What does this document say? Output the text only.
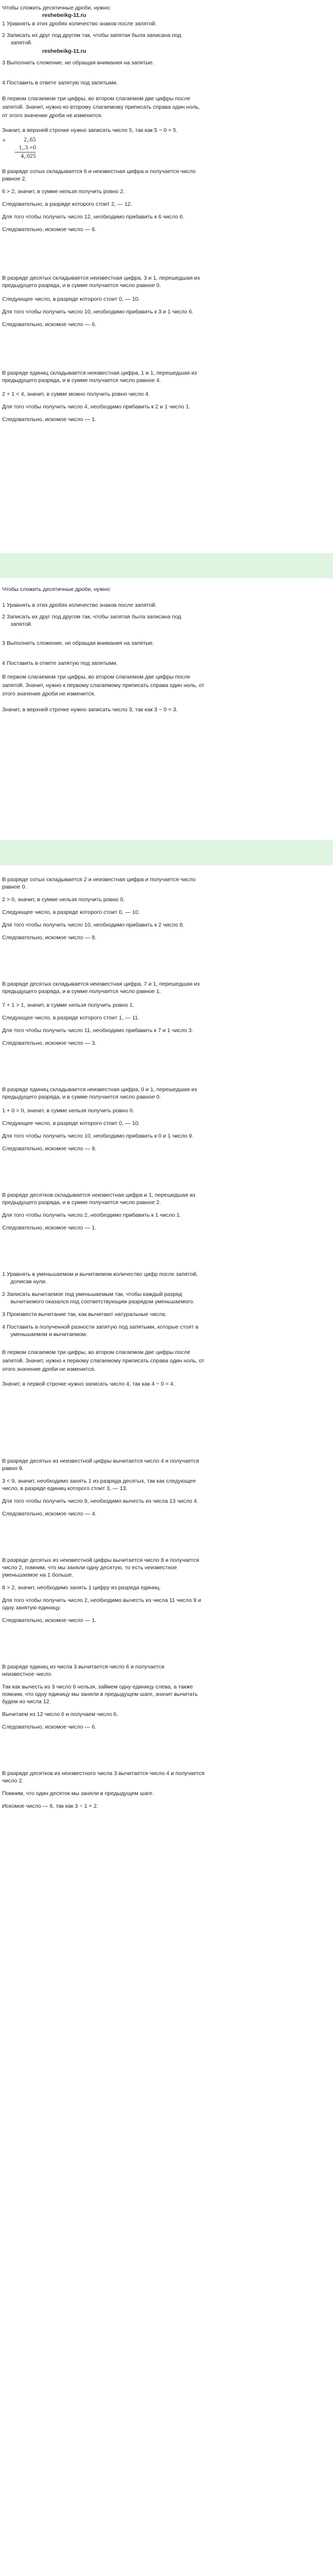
Чтобы сложить десятичные дроби, нужно:
reshebeikg-11.ru
1 Уравнять в этих дробях количество знаков после запятой.
2 Записать их друг под другом так, чтобы запятая была записана под
запятой.
reshebeikg-11.ru
3 Выполнить сложение, не обращая внимания на запятые.
4 Поставить в ответе запятую под запятыми.
В первом слагаемом три цифры, во втором слагаемом две цифры после
запятой. Значит, нужно ко второму слагаемому приписать справа один ноль,
от этого значение дроби не изменится.
Значит, в верхней строчке нужно записать число 5, так как 5 − 0 = 5.
+	2,.65
1,.3.+0
4,.025
В разряде сотых складывается 6 и неизвестная цифра и получается число
равное 2.
6 > 2, значит, в сумме нельзя получить ровно 2.
Следовательно, в разряде которого стоит 2, — 12.
Для того чтобы получить число 12, необходимо прибавить к 6 число 6.
Следовательно, искомое число — 6.
В разряде десятых складывается неизвестная цифра, 3 и 1, перешедшая из
предыдущего разряда, и в сумме получается число равное 0.
Следующее число, в разряде которого стоит 0, — 10.
Для того чтобы получить число 10, необходимо прибавить к 3 и 1 число 6.
Следовательно, искомое число — 6.
В разряде единиц складывается неизвестная цифра, 1 и 1, перешедшая из
предыдущего разряда, и в сумме получается число равное 4.
2 + 1 < 4, значит, в сумме можно получить ровно число 4.
Для того чтобы получить число 4, необходимо прибавить к 2 и 1 число 1.
Следовательно, искомое число — 1.
Чтобы сложить десятичные дроби, нужно:
1 Уравнять в этих дробях количество знаков после запятой.
2 Записать их друг под другом так, чтобы запятая была записана под
запятой.
3 Выполнить сложение, не обращая внимания на запятые.
4 Поставить в ответе запятую под запятыми.
В первом слагаемом три цифры, во втором слагаемом две цифры после
запятой. Значит, нужно к первому слагаемому приписать справа один ноль, от
этого значение дроби не изменится.
Значит, в верхней строчке нужно записать число 3, так как 3 − 0 = 3.
В разряде сотых складывается 2 и неизвестная цифра и получается число
равное 0.
2 > 0, значит, в сумме нельзя получить ровно 0.
Следующее число, в разряде которого стоит 0, — 10.
Для того чтобы получить число 10, необходимо прибавить к 2 число 8.
Следовательно, искомое число — 8.
В разряде десятых складывается неизвестная цифра, 7 и 1, перешедшая из
предыдущего разряда, и в сумме получается число равное 1.
7 + 1 > 1, значит, в сумме нельзя получить ровно 1.
Следующее число, в разряде которого стоит 1, — 11.
Для того чтобы получить число 11, необходимо прибавить к 7 и 1 число 3.
Следовательно, искомое число — 3.
В разряде единиц складывается неизвестная цифра, 0 и 1, перешедшая из
предыдущего разряда, и в сумме получается число равное 0.
1 + 0 > 0, значит, в сумме нельзя получить ровно 0.
Следующее число, в разряде которого стоит 0, — 10.
Для того чтобы получить число 10, необходимо прибавить к 0 и 1 число 9.
Следовательно, искомое число — 9.
В разряде десятков складывается неизвестная цифра и 1, перешедшая из
предыдущего разряда, и в сумме получается число равное 2.
Для того чтобы получить число 2, необходимо прибавить к 1 число 1.
Следовательно, искомое число — 1.
1 Уравнять в уменьшаемом и вычитаемом количество цифр после запятой,
дописав нули.
2 Записать вычитаемое под уменьшаемым так, чтобы каждый разряд
вычитаемого оказался под соответствующим разрядом уменьшаемого.
3 Произвести вычитание так, как вычитают натуральные числа.
4 Поставить в полученной разности запятую под запятыми, которые стоят в
уменьшаемом и вычитаемом.
В первом слагаемом три цифры, во втором слагаемом две цифры после
запятой. Значит, нужно к первому слагаемому приписать справа один ноль, от
этого значение дроби не изменится.
Значит, в первой строчке нужно записать число 4, так как 4 − 0 = 4.
В разряде десятых из неизвестной цифры вычитается число 4 и получается
равно 9.
3 < 9, значит, необходимо занять 1 из разряда десятых, так как следующее
число, в разряде единиц которого стоит 3, — 13.
Для того чтобы получить число 9, необходимо вычесть из числа 13 число 4.
Следовательно, искомое число — 4.
В разряде десятых из неизвестной цифры вычитается число 8 и получается
число 2, помним, что мы заняли одну десятую, то есть неизвестное
уменьшаемое на 1 больше.
8 > 2, значит, необходимо занять 1 цифру из разряда единиц.
Для того чтобы получить число 2, необходимо вычесть из числа 11 число 9 и
одну занятую единицу.
Следовательно, искомое число — 1.
В разряде единиц из числа 3 вычитается число 6 и получается
неизвестное число.
Так как вычесть из 3 число 6 нельзя, займем одну единицу слева, а также
помним, что одну единицу мы заняли в предыдущем шаге, значит вычитать
будем из числа 12.
Вычитаем из 12 число 6 и получаем число 6.
Следовательно, искомое число — 6.
В разряде десятков из неизвестного числа 3 вычитается число 4 и получается
число 2.
Помним, что один десяток мы заняли в предыдущем шаге.
Искомое число — 6, так как 3 − 1 = 2.
